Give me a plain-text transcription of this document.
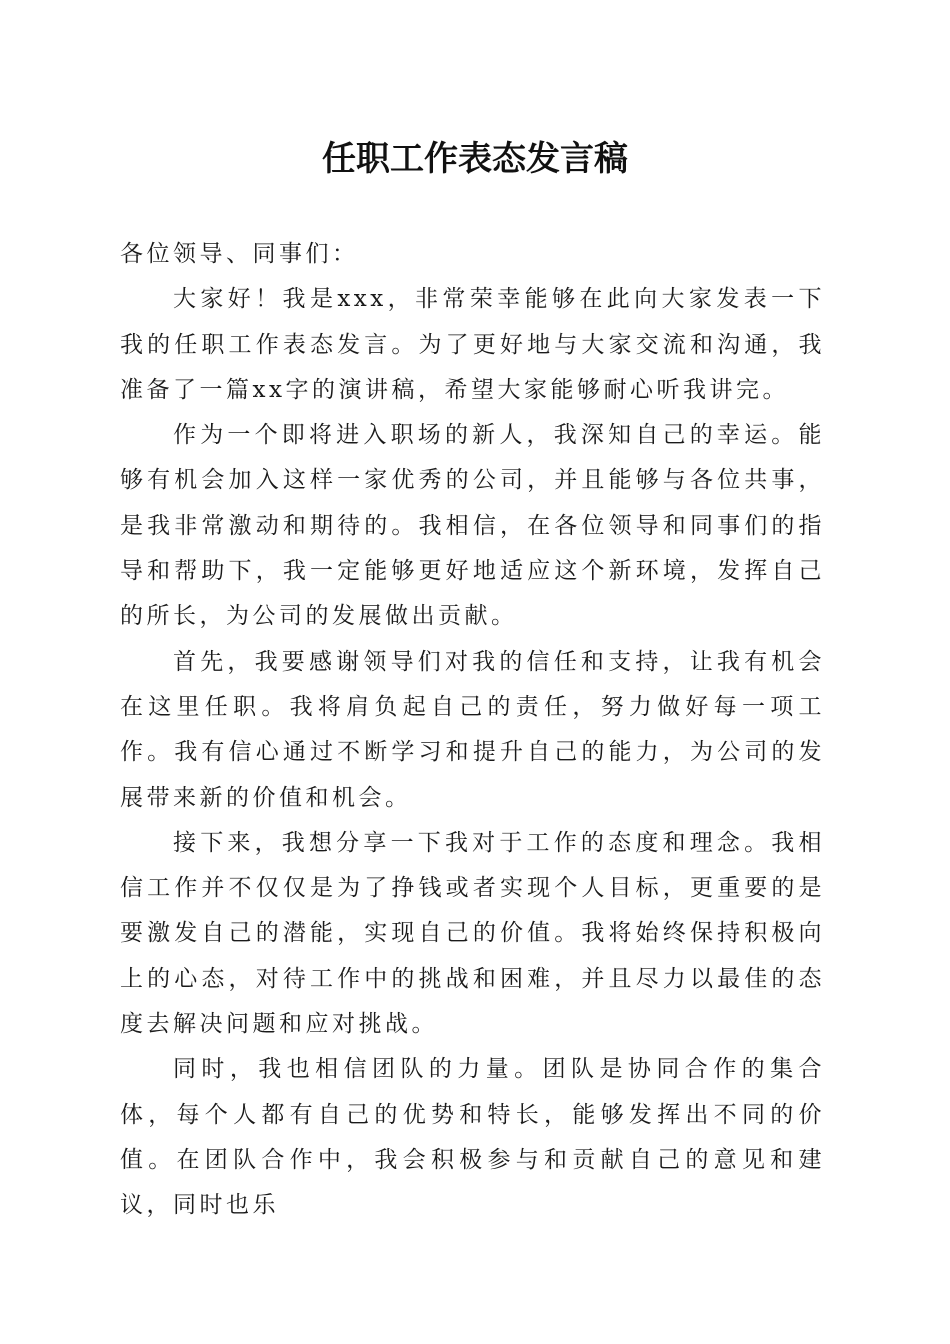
任职工作表态发言稿

各位领导、同事们：

大家好！我是xxx，非常荣幸能够在此向大家发表一下我的任职工作表态发言。为了更好地与大家交流和沟通，我准备了一篇xx字的演讲稿，希望大家能够耐心听我讲完。

作为一个即将进入职场的新人，我深知自己的幸运。能够有机会加入这样一家优秀的公司，并且能够与各位共事，是我非常激动和期待的。我相信，在各位领导和同事们的指导和帮助下，我一定能够更好地适应这个新环境，发挥自己的所长，为公司的发展做出贡献。

首先，我要感谢领导们对我的信任和支持，让我有机会在这里任职。我将肩负起自己的责任，努力做好每一项工作。我有信心通过不断学习和提升自己的能力，为公司的发展带来新的价值和机会。

接下来，我想分享一下我对于工作的态度和理念。我相信工作并不仅仅是为了挣钱或者实现个人目标，更重要的是要激发自己的潜能，实现自己的价值。我将始终保持积极向上的心态，对待工作中的挑战和困难，并且尽力以最佳的态度去解决问题和应对挑战。

同时，我也相信团队的力量。团队是协同合作的集合体，每个人都有自己的优势和特长，能够发挥出不同的价值。在团队合作中，我会积极参与和贡献自己的意见和建议，同时也乐
